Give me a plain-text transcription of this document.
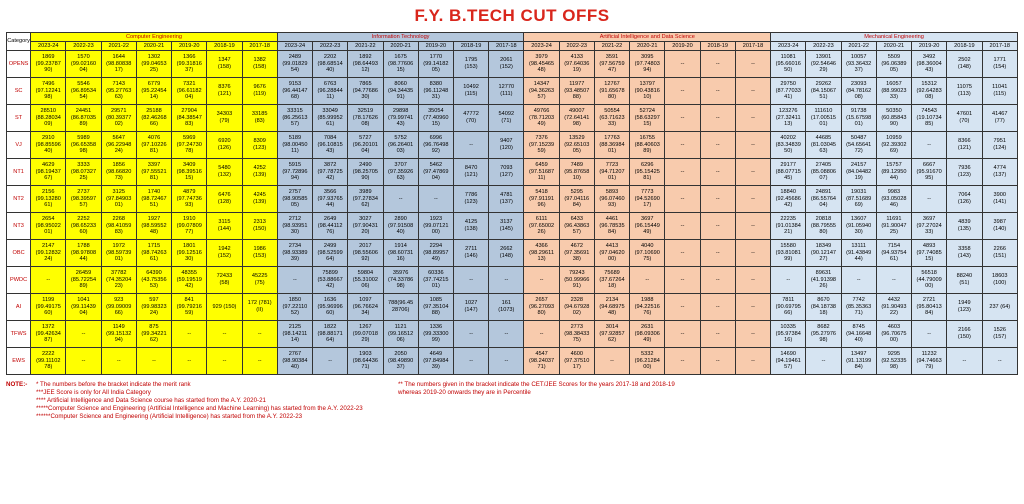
F.Y. B.TECH CUT OFFS
Category	Computer Engineering							Information Technology							Artificial Intelligence and Data Science							Mechanical Engineering						
	2023-24	2022-23	2021-22	2020-21	2019-20	2018-19	2017-18	2023-24	2022-23	2021-22	2020-21	2019-20	2018-19	2017-18	2023-24	2022-23	2021-22	2020-21	2019-20	2018-19	2017-18	2023-24	2022-23	2021-22	2020-21	2019-20	2018-19	2017-18
OPENS	1869
(99.23787
90)	1570
(99.02160
04)	1644
(98.80838
17)	1302
(99.04653
25)	1366
(99.31816
37)	1347
(158)	1382
(158)	2489
(99.01829
54)	2202
(98.68514
40)	1892
(98.64493
12)	1675
(98.77606
15)	1770
(99.14182
05)	1795
(153)	2061
(152)	3979
(98.45465
48)	4133
(97.64036
19)	3591
(97.56759
47)	3095
(97.74803
94)	--	--	--	11081
(95.66016
50)	13901
(92.54646
29)	10057
(93.36432
37)	5509
(96.06389
05)	3492
(98.36004
43)	2502
(148)	1771
(154)
SC	7496
(97.12241
98)	5546
(96.89534
54)	7143
(95.27763
63)	6779
(95.22454
14)	7321
(96.61182
04)	8376
(121)	9676
(119)	9153
(96.44147
68)	6763
(96.28844
11)	7865
(94.77686
30)	8060
(94.34435
91)	8380
(96.11248
31)	10492
(115)	12770
(111)	14347
(94.36263
57)	11977
(93.48507
88)	12767
(91.65678
80)	13797
(90.43816
10)	--	--	--	29750
(87.77033
41)	29262
(84.15067
51)	23093
(84.78162
08)	16057
(88.99023
33)	15312
(92.64283
08)	11075
(113)	11041
(115)
ST	28510
(88.28034
09)	24451
(86.87035
89)	29571
(80.39377
02)	25188
(82.46268
66)	27904
(84.38547
83)	34303
(79)	33185
(83)	33315
(86.25613
57)	33049
(85.99952
61)	32519
(78.17626
08)	29898
(79.99741
43)	35054
(77.40960
15)	47772
(70)	54092
(71)	49766
(78.71203
49)	49007
(72.64141
98)	50554
(63.71623
33)	52724
(58.63297
15)	--	--	--	123276
(27.32411
13)	111610
(17.00515
01)	91738
(15.67598
01)	50350
(60.85843
90)	74543
(19.10734
85)	47601
(70)	41467
(77)
VJ	2910
(98.85596
40)	5989
(96.65358
98)	5647
(96.22948
24)	4076
(97.10226
81)	5969
(97.24730
78)	6920
(126)	8309
(123)	5189
(98.00450
11)	7084
(96.10815
43)	5727
(96.20101
04)	5752
(96.26401
03)	6996
(96.76498
92)	--	9407
(120)	7376
(97.15239
59)	13529
(92.65103
05)	17763
(88.36984
01)	16755
(88.40603
89)	--	--	--	40202
(83.34839
50)	44685
(81.03045
63)	50487
(54.65641
72)	10959
(92.39302
69)	--	8366
(121)	7951
(124)
NT1	4629
(98.19437
67)	3333
(98.07327
25)	1856
(98.66820
73)	3397
(97.55521
81)	3409
(98.39516
15)	5480
(132)	4252
(139)	5915
(97.72896
94)	3872
(97.78725
42)	2490
(98.25705
90)	3707
(97.35926
63)	5462
(97.47869
04)	8470
(121)	7093
(127)	6459
(97.51687
11)	7489
(95.87658
10)	7723
(94.71207
01)	6296
(95.15425
81)	--	--	--	29177
(88.07715
45)	27405
(85.08806
07)	24157
(84.04482
19)	15757
(89.12950
44)	6667
(95.91670
95)	7936
(123)	4774
(137)
NT2	2156
(99.13280
61)	2737
(98.39597
57)	3125
(97.84903
01)	1740
(98.72467
51)	4879
(97.74736
93)	6476
(128)	4245
(139)	2757
(98.90585
05)	3566
(97.93765
44)	3989
(97.27834
62)	--	--	7786
(123)	4781
(137)	5418
(97.91191
96)	5295
(97.04116
84)	5893
(96.07460
93)	7773
(94.52690
17)	--	--	--	18840
(92.45686
42)	24891
(86.55764
04)	19031
(87.51689
69)	9983
(93.05028
46)	--	7064
(126)	3900
(141)
NT3	2654
(98.95022
01)	2252
(98.65233
60)	2268
(98.41059
83)	1927
(98.59552
48)	1910
(99.07809
77)	3115
(144)	2313
(150)	2712
(98.93951
30)	2649
(98.44112
76)	3027
(97.90431
20)	2890
(97.91508
40)	1923
(99.07121
00)	4125
(138)	3137
(145)	6111
(97.65002
26)	6433
(96.43863
57)	4461
(96.78535
84)	3697
(96.15449
49)	--	--	--	22235
(91.01384
21)	20818
(88.79555
80)	13607
(91.05940
30)	11691
(91.90047
25)	3697
(97.27024
33)	4839
(135)	3987
(140)
OBC	2147
(99.12832
24)	1788
(98.97808
44)	1972
(98.59739
01)	1715
(98.74263
61)	1801
(99.12516
30)	1942
(152)	1986
(153)	2734
(98.93389
39)	2499
(98.52599
64)	2017
(98.55606
92)	1914
(98.60731
16)	2294
(98.89957
49)	2711
(146)	2662
(148)	4366
(98.29611
13)	4672
(97.35691
38)	4413
(97.04620
00)	4040
(97.10690
75)	--	--	--	15580
(93.81081
99)	18349
(90.12147
27)	13111
(91.43849
44)	7154
(94.93754
61)	4893
(97.74085
15)	3358
(143)	2266
(151)
PWDC	--	26459
(85.72254
89)	37782
(74.35204
23)	64390
(43.75356
53)	48355
(59.19519
42)	72433
(58)	45225
(75)	--	75899
(53.88667
42)	59804
(55.31002
06)	35976
(74.33786
98)	60336
(37.74215
01)	--	--	--	79243
(50.99966
91)	75689
(37.67264
18)	--	--	--	--	--	89631
(41.91398
26)	--	--	56518
(44.79009
00)	88240
(51)	18603
(100)
AI	1199
(99.49175
60)	1041
(99.11439
04)	923
(99.09009
66)	597
(99.98323
24)	841
(99.79216
59)	929 (150)	172 (781)
(II)	1850
(97.22110
52)	1636
(95.96996
60)	1097
(96.76624
34)	788(96.45
28706)	1085
(97.35104
88)	1027
(147)	161
(1073)	2657
(96.27093
80)	2328
(94.67928
02)	2134
(94.68975
48)	1988
(94.22516
76)	--	--	--	7811
(90.69795
66)	8670
(84.18738
18)	7742
(85.35363
71)	4432
(91.90493
22)	2721
(95.80413
84)	1949
(123)	237 (64)
TFWS	1372
(99.42634
87)	--	1149
(99.15132
94)	875
(99.34221
62)	--	--	--	2125
(98.14211
14)	1822
(98.88171
64)	1267
(99.07018
29)	1121
(99.16512
06)	1336
(99.33300
99)	--	--	--	2773
(98.38433
75)	3014
(97.92857
62)	2631
(98.09306
49)	--	--	--	10335
(95.97384
16)	8682
(95.27976
98)	8745
(94.16648
40)	4603
(96.70675
00)	--	2166
(150)	1526
(157)
EWS	2222
(99.11102
78)	--	--	--	--	--	--	2767
(98.90384
40)	--	1903
(98.64436
71)	2050
(98.49890
37)	4649
(97.84984
39)	--	--	4547
(98.24037
71)	4600
(97.37510
17)	--	5332
(96.21284
00)	--	--	--	14690
(94.19461
57)	--	13497
(91.13199
84)	9295
(92.52335
98)	11232
(94.74663
79)	--	--
NOTE:- * The numbers before the bracket indicate the merit rank
***JEE Score is only for All India Category
**** Artificial Intelligence and Data Science course has started from the A.Y. 2020-21
*****Computer Science and Engineering (Artificial Intelligence and Machine Learning) has started from the A.Y. 2022-23
******Computer Science and Engineering (Artificial Intelligence) has started from the A.Y. 2022-23
** The numbers given in the bracket indicate the CET/JEE Scores for the years 2017-18 and 2018-19
whereas 2019-20 onwards they are in Percentile
